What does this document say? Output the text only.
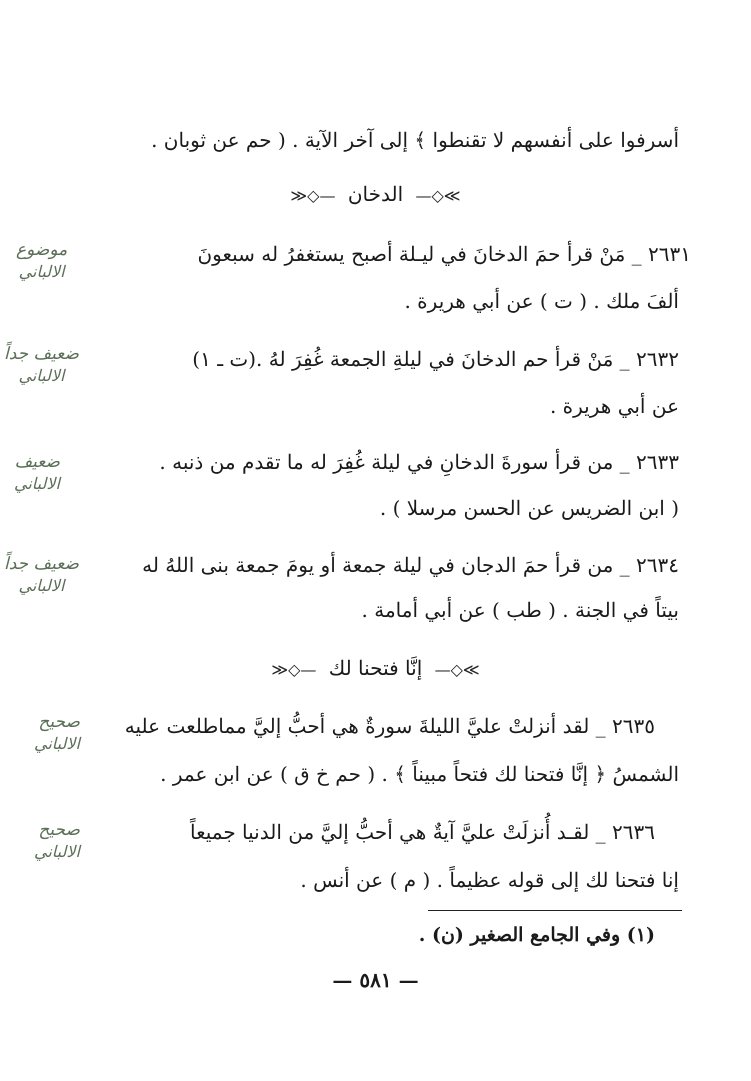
أسرفوا على أنفسهم لا تقنطوا ﴾ إلى آخر الآية . ( حم عن ثوبان .
≫◇— الدخان —◇≪
٢٦٣١ _ مَنْ قرأ حمَ الدخانَ في ليـلة أصبح يستغفرُ له سبعونَ
ألفَ ملك . ( ت ) عن أبي هريرة .
٢٦٣٢ _ مَنْ قرأ حم الدخانَ في ليلةِ الجمعة غُفِرَ لهُ .(ت ـ ١)
عن أبي هريرة .
٢٦٣٣ _ من قرأ سورةَ الدخانِ في ليلة غُفِرَ له ما تقدم من ذنبه .
( ابن الضريس عن الحسن مرسلا ) .
٢٦٣٤ _ من قرأ حمَ الدجان في ليلة جمعة أو يومَ جمعة بنى اللهُ له
بيتاً في الجنة . ( طب ) عن أبي أمامة .
≫◇— إنَّا فتحنا لك —◇≪
٢٦٣٥ _ لقد أنزلتْ عليَّ الليلةَ سورةٌ هي أحبُّ إليَّ مماطلعت عليه
الشمسُ ﴿ إنَّا فتحنا لك فتحاً مبيناً ﴾ . ( حم خ ق ) عن ابن عمر .
٢٦٣٦ _ لقـد أُنزلَتْ عليَّ آيةٌ هي أحبُّ إليَّ من الدنيا جميعاً
إنا فتحنا لك إلى قوله عظيماً . ( م ) عن أنس .
موضوع
الالباني
ضعيف جداً
الالباني
ضعيف
الالباني
ضعيف جداً
الالباني
صحيح
الالباني
صحيح
الالباني
(١) وفي الجامع الصغير (ن) .
— ٥٨١ —
